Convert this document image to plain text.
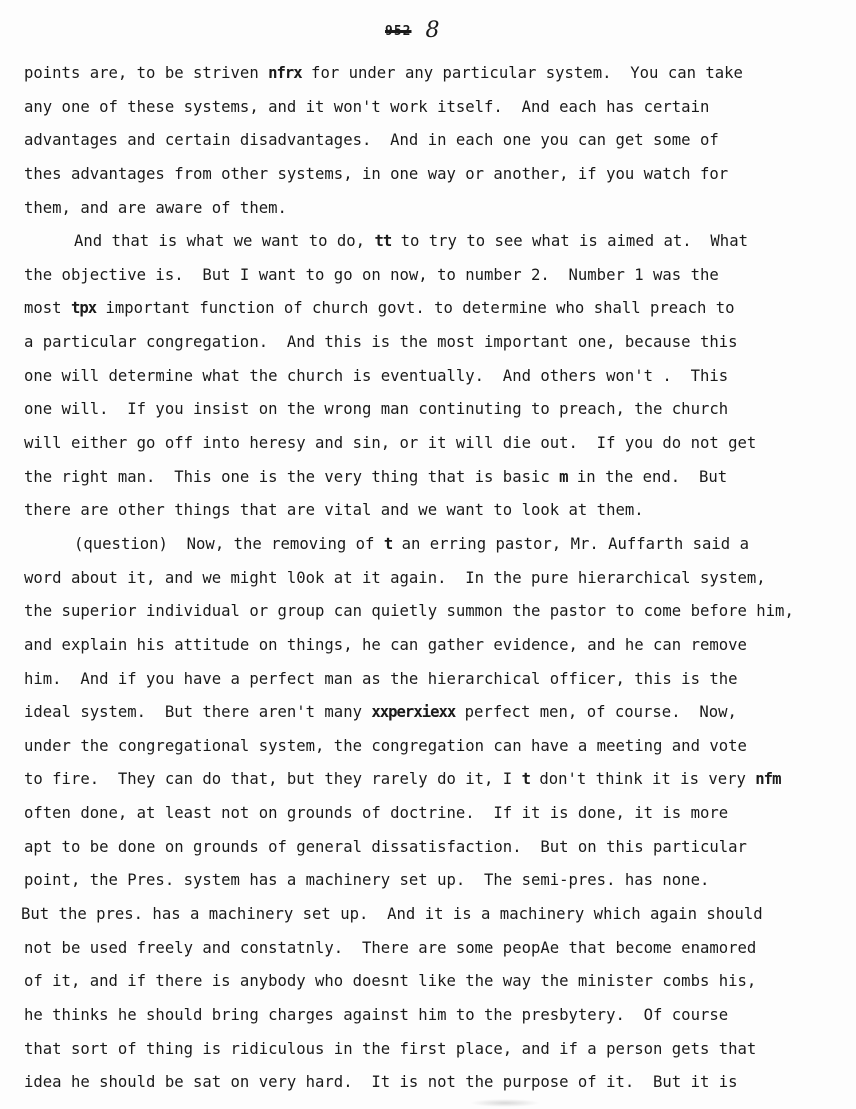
952 8
points are, to be striven nfrx for under any particular system.  You can take
any one of these systems, and it won't work itself.  And each has certain
advantages and certain disadvantages.  And in each one you can get some of
thes advantages from other systems, in one way or another, if you watch for
them, and are aware of them.
And that is what we want to do, tt to try to see what is aimed at.  What
the objective is.  But I want to go on now, to number 2.  Number 1 was the
most tpx important function of church govt. to determine who shall preach to
a particular congregation.  And this is the most important one, because this
one will determine what the church is eventually.  And others won't .  This
one will.  If you insist on the wrong man continuting to preach, the church
will either go off into heresy and sin, or it will die out.  If you do not get
the right man.  This one is the very thing that is basic m in the end.  But
there are other things that are vital and we want to look at them.
(question)  Now, the removing of t an erring pastor, Mr. Auffarth said a
word about it, and we might l0ok at it again.  In the pure hierarchical system,
the superior individual or group can quietly summon the pastor to come before him,
and explain his attitude on things, he can gather evidence, and he can remove
him.  And if you have a perfect man as the hierarchical officer, this is the
ideal system.  But there aren't many xxperxiexx perfect men, of course.  Now,
under the congregational system, the congregation can have a meeting and vote
to fire.  They can do that, but they rarely do it, I t don't think it is very nfm
often done, at least not on grounds of doctrine.  If it is done, it is more
apt to be done on grounds of general dissatisfaction.  But on this particular
point, the Pres. system has a machinery set up.  The semi-pres. has none.
But the pres. has a machinery set up.  And it is a machinery which again should
not be used freely and constatnly.  There are some peopAe that become enamored
of it, and if there is anybody who doesnt like the way the minister combs his,
he thinks he should bring charges against him to the presbytery.  Of course
that sort of thing is ridiculous in the first place, and if a person gets that
idea he should be sat on very hard.  It is not the purpose of it.  But it is
